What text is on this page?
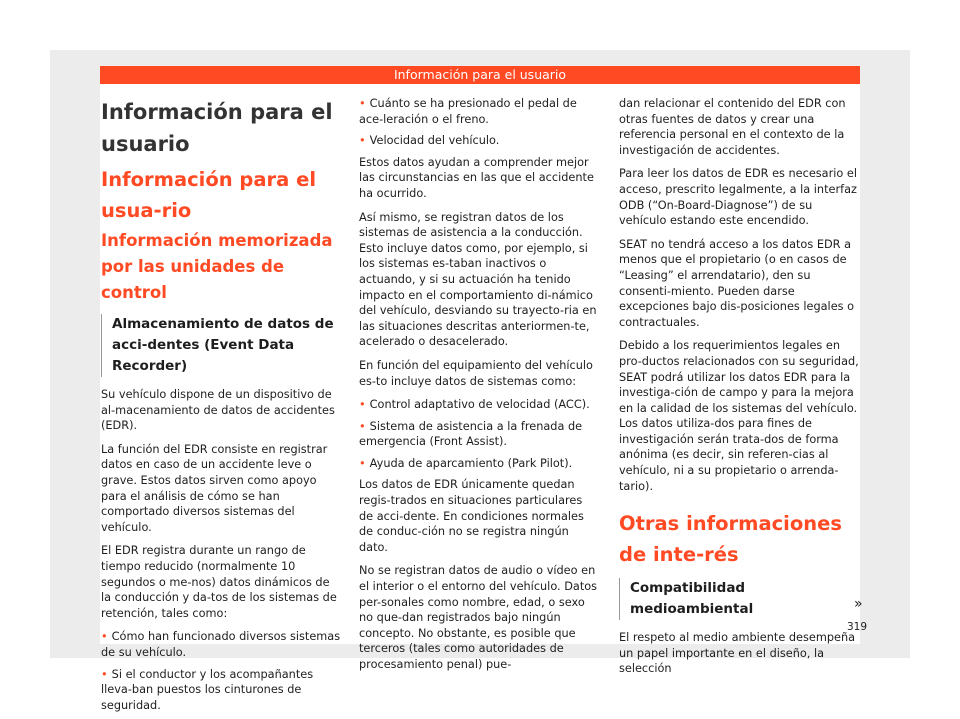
Información para el usuario
Información para el usuario
Información para el usua-rio
Información memorizada por las unidades de control
Almacenamiento de datos de acci-dentes (Event Data Recorder)

Su vehículo dispone de un dispositivo de al-macenamiento de datos de accidentes (EDR).

La función del EDR consiste en registrar datos en caso de un accidente leve o grave. Estos datos sirven como apoyo para el análisis de cómo se han comportado diversos sistemas del vehículo.

El EDR registra durante un rango de tiempo reducido (normalmente 10 segundos o me-nos) datos dinámicos de la conducción y da-tos de los sistemas de retención, tales como:

• Cómo han funcionado diversos sistemas de su vehículo.
• Si el conductor y los acompañantes lleva-ban puestos los cinturones de seguridad.
• Cuánto se ha presionado el pedal de ace-leración o el freno.
• Velocidad del vehículo.

Estos datos ayudan a comprender mejor las circunstancias en las que el accidente ha ocurrido.

Así mismo, se registran datos de los sistemas de asistencia a la conducción. Esto incluye datos como, por ejemplo, si los sistemas es-taban inactivos o actuando, y si su actuación ha tenido impacto en el comportamiento di-námico del vehículo, desviando su trayecto-ria en las situaciones descritas anteriormen-te, acelerado o desacelerado.

En función del equipamiento del vehículo es-to incluye datos de sistemas como:

• Control adaptativo de velocidad (ACC).
• Sistema de asistencia a la frenada de emergencia (Front Assist).
• Ayuda de aparcamiento (Park Pilot).

Los datos de EDR únicamente quedan regis-trados en situaciones particulares de acci-dente. En condiciones normales de conduc-ción no se registra ningún dato.

No se registran datos de audio o vídeo en el interior o el entorno del vehículo. Datos per-sonales como nombre, edad, o sexo no que-dan registrados bajo ningún concepto. No obstante, es posible que terceros (tales como autoridades de procesamiento penal) pue-

dan relacionar el contenido del EDR con otras fuentes de datos y crear una referencia personal en el contexto de la investigación de accidentes.

Para leer los datos de EDR es necesario el acceso, prescrito legalmente, a la interfaz ODB (“On-Board-Diagnose”) de su vehículo estando este encendido.

SEAT no tendrá acceso a los datos EDR a menos que el propietario (o en casos de “Leasing” el arrendatario), den su consenti-miento. Pueden darse excepciones bajo dis-posiciones legales o contractuales.

Debido a los requerimientos legales en pro-ductos relacionados con su seguridad, SEAT podrá utilizar los datos EDR para la investiga-ción de campo y para la mejora en la calidad de los sistemas del vehículo. Los datos utiliza-dos para fines de investigación serán trata-dos de forma anónima (es decir, sin referen-cias al vehículo, ni a su propietario o arrenda-tario).

Otras informaciones de inte-rés
Compatibilidad medioambiental

El respeto al medio ambiente desempeña un papel importante en el diseño, la selección

»
319
